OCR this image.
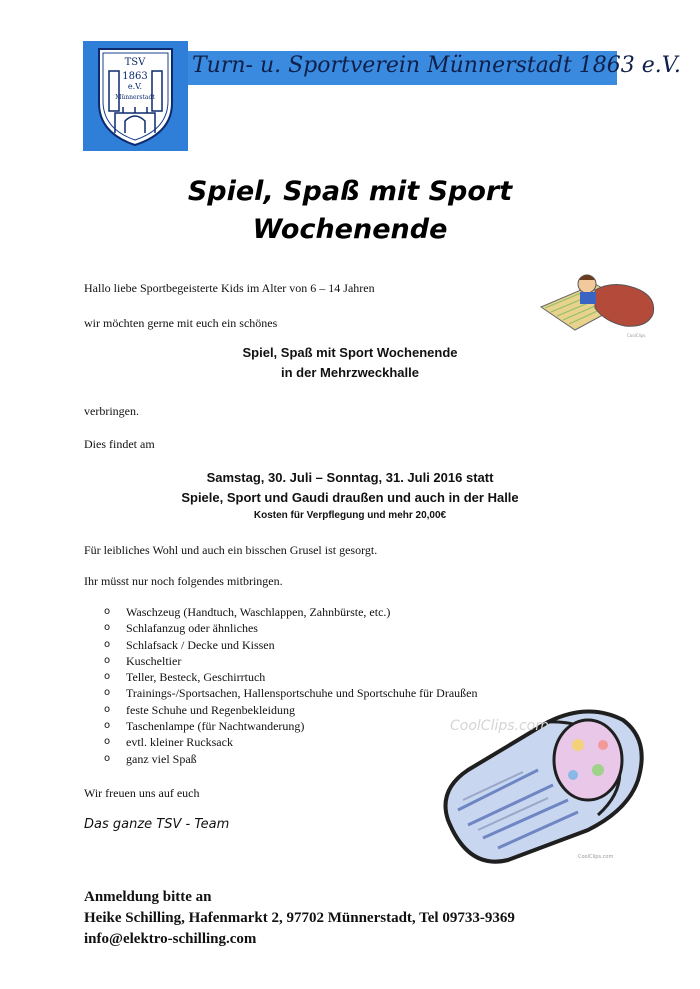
TSV
1863
e.V.
Münnerstadt
Turn- u. Sportverein Münnerstadt 1863 e.V.
Spiel, Spaß mit Sport
Wochenende
Hallo liebe Sportbegeisterte Kids im Alter von 6 – 14 Jahren
wir möchten gerne mit euch ein schönes
CoolClips
Spiel, Spaß mit Sport Wochenende
in der Mehrzweckhalle
verbringen.
Dies findet am
Samstag, 30. Juli – Sonntag, 31. Juli 2016 statt
Spiele, Sport und Gaudi draußen und auch in der Halle
Kosten für Verpflegung und mehr 20,00€
Für leibliches Wohl und auch ein bisschen Grusel ist gesorgt.
Ihr müsst nur noch folgendes mitbringen.
o Waschzeug (Handtuch, Waschlappen, Zahnbürste, etc.)
o Schlafanzug oder ähnliches
o Schlafsack / Decke und Kissen
o Kuscheltier
o Teller, Besteck, Geschirrtuch
o Trainings-/Sportsachen, Hallensportschuhe und Sportschuhe für Draußen
o feste Schuhe und Regenbekleidung
o Taschenlampe (für Nachtwanderung)
o evtl. kleiner Rucksack
o ganz viel Spaß
CoolClips.com
CoolClips.com
Wir freuen uns auf euch
Das ganze TSV - Team
Anmeldung bitte an
Heike Schilling, Hafenmarkt 2, 97702 Münnerstadt, Tel 09733-9369
info@elektro-schilling.com
